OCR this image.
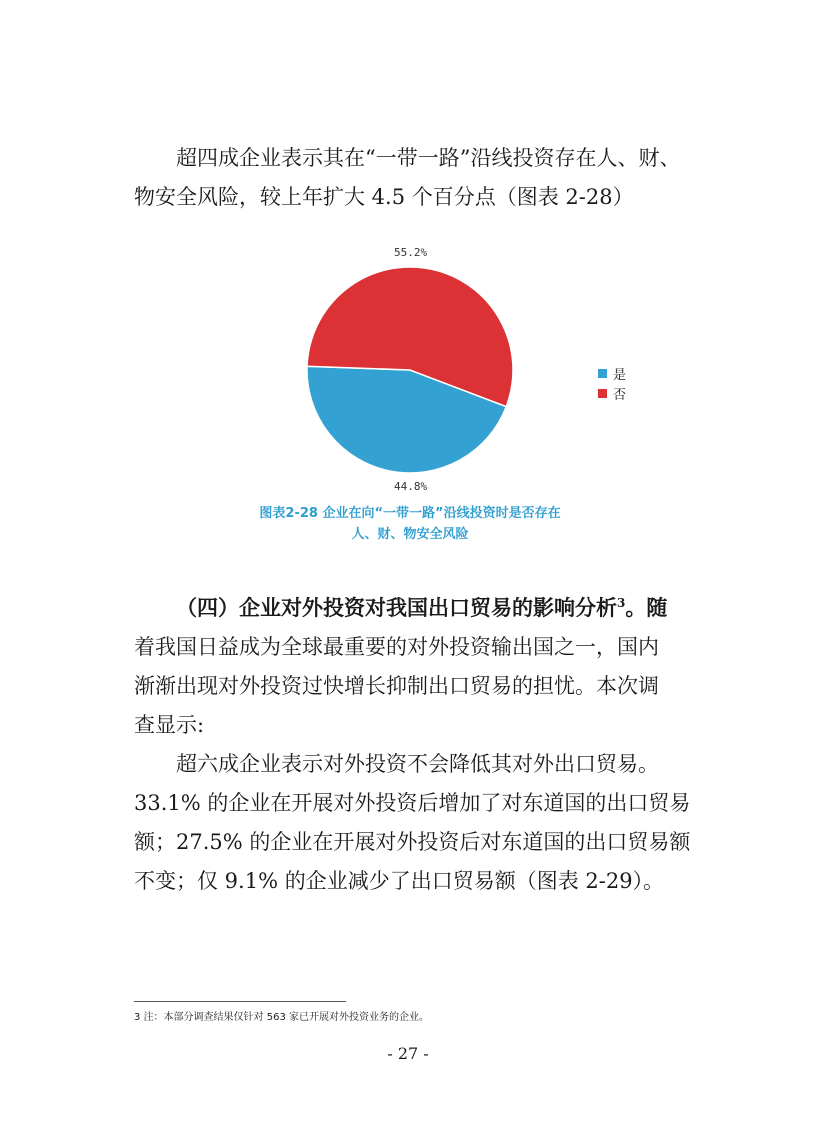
超四成企业表示其在“一带一路”沿线投资存在人、财、
物安全风险，较上年扩大 4.5 个百分点（图表 2-28）
55.2%
44.8%
是
否
图表2-28 企业在向“一带一路”沿线投资时是否存在
人、财、物安全风险
（四）企业对外投资对我国出口贸易的影响分析$^3$。随
着我国日益成为全球最重要的对外投资输出国之一，国内
渐渐出现对外投资过快增长抑制出口贸易的担忧。本次调
查显示:
超六成企业表示对外投资不会降低其对外出口贸易。
33.1% 的企业在开展对外投资后增加了对东道国的出口贸易
额；27.5% 的企业在开展对外投资后对东道国的出口贸易额
不变；仅 9.1% 的企业减少了出口贸易额（图表 2-29）。
3 注：本部分调查结果仅针对 563 家已开展对外投资业务的企业。
- 27 -
